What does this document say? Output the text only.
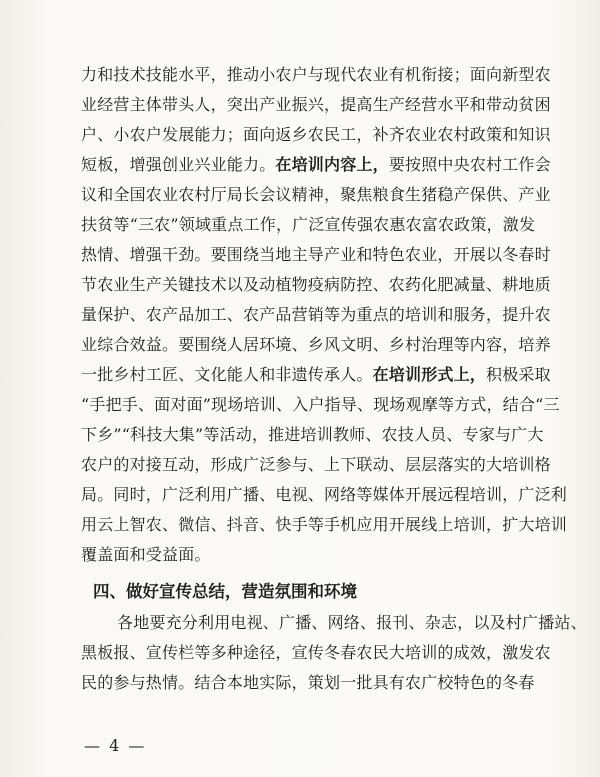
力和技术技能水平，推动小农户与现代农业有机衔接；面向新型农
业经营主体带头人，突出产业振兴，提高生产经营水平和带动贫困
户、小农户发展能力；面向返乡农民工，补齐农业农村政策和知识
短板，增强创业兴业能力。在培训内容上，要按照中央农村工作会
议和全国农业农村厅局长会议精神，聚焦粮食生猪稳产保供、产业
扶贫等“三农”领域重点工作，广泛宣传强农惠农富农政策，激发
热情、增强干劲。要围绕当地主导产业和特色农业，开展以冬春时
节农业生产关键技术以及动植物疫病防控、农药化肥减量、耕地质
量保护、农产品加工、农产品营销等为重点的培训和服务，提升农
业综合效益。要围绕人居环境、乡风文明、乡村治理等内容，培养
一批乡村工匠、文化能人和非遗传承人。在培训形式上，积极采取
“手把手、面对面”现场培训、入户指导、现场观摩等方式，结合“三
下乡”“科技大集”等活动，推进培训教师、农技人员、专家与广大
农户的对接互动，形成广泛参与、上下联动、层层落实的大培训格
局。同时，广泛利用广播、电视、网络等媒体开展远程培训，广泛利
用云上智农、微信、抖音、快手等手机应用开展线上培训，扩大培训
覆盖面和受益面。
四、做好宣传总结，营造氛围和环境
各地要充分利用电视、广播、网络、报刊、杂志，以及村广播站、
黑板报、宣传栏等多种途径，宣传冬春农民大培训的成效，激发农
民的参与热情。结合本地实际，策划一批具有农广校特色的冬春
— 4 —
